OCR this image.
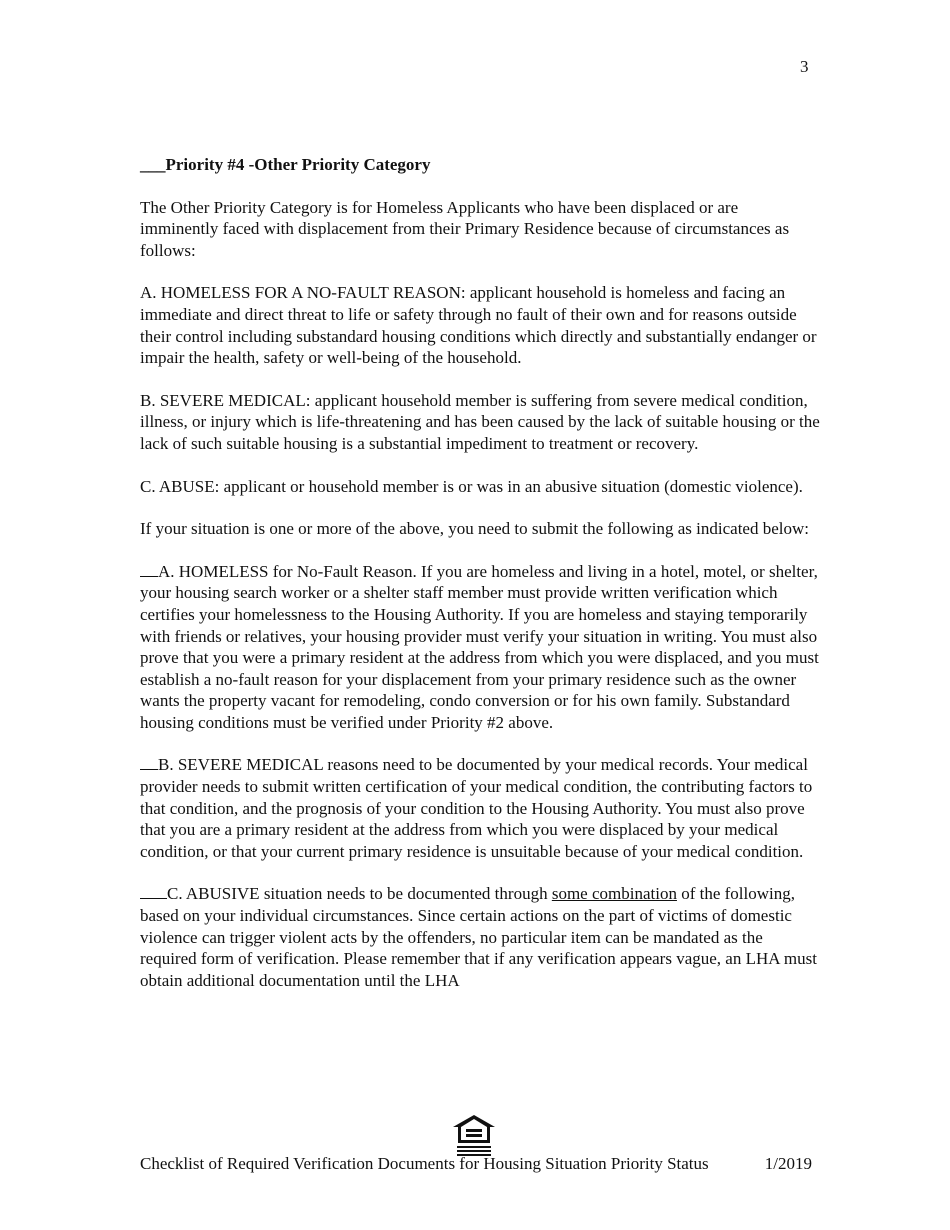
3

___Priority #4 -Other Priority Category

The Other Priority Category is for Homeless Applicants who have been displaced or are imminently faced with displacement from their Primary Residence because of circumstances as follows:

A. HOMELESS FOR A NO-FAULT REASON: applicant household is homeless and facing an immediate and direct threat to life or safety through no fault of their own and for reasons outside their control including substandard housing conditions which directly and substantially endanger or impair the health, safety or well-being of the household.

B. SEVERE MEDICAL: applicant household member is suffering from severe medical condition, illness, or injury which is life-threatening and has been caused by the lack of suitable housing or the lack of such suitable housing is a substantial impediment to treatment or recovery.

C. ABUSE: applicant or household member is or was in an abusive situation (domestic violence).

If your situation is one or more of the above, you need to submit the following as indicated below:

A. HOMELESS for No-Fault Reason. If you are homeless and living in a hotel, motel, or shelter, your housing search worker or a shelter staff member must provide written verification which certifies your homelessness to the Housing Authority. If you are homeless and staying temporarily with friends or relatives, your housing provider must verify your situation in writing. You must also prove that you were a primary resident at the address from which you were displaced, and you must establish a no-fault reason for your displacement from your primary residence such as the owner wants the property vacant for remodeling, condo conversion or for his own family. Substandard housing conditions must be verified under Priority #2 above.

B. SEVERE MEDICAL reasons need to be documented by your medical records. Your medical provider needs to submit written certification of your medical condition, the contributing factors to that condition, and the prognosis of your condition to the Housing Authority. You must also prove that you are a primary resident at the address from which you were displaced by your medical condition, or that your current primary residence is unsuitable because of your medical condition.

C. ABUSIVE situation needs to be documented through some combination of the following, based on your individual circumstances. Since certain actions on the part of victims of domestic violence can trigger violent acts by the offenders, no particular item can be mandated as the required form of verification. Please remember that if any verification appears vague, an LHA must obtain additional documentation until the LHA

Checklist of Required Verification Documents for Housing Situation Priority Status	1/2019
